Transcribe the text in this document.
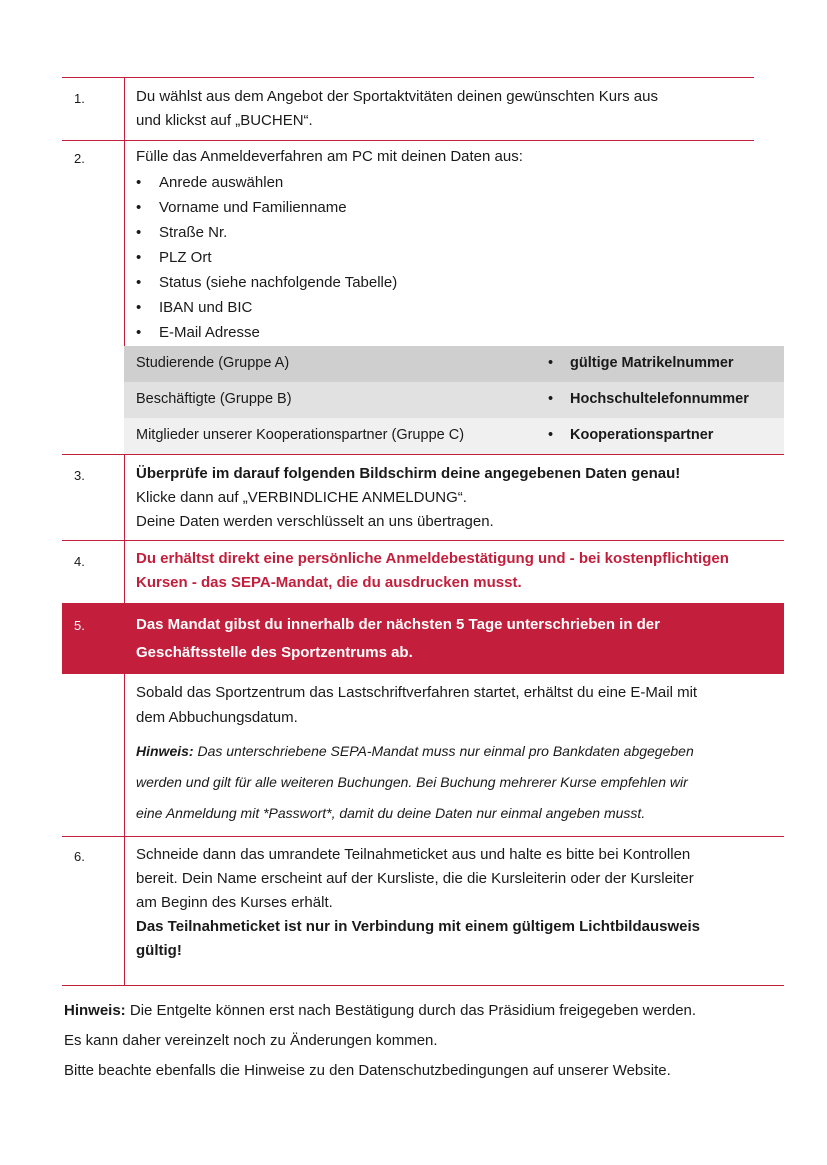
1.	Du wählst aus dem Angebot der Sportaktvitäten deinen gewünschten Kurs aus
und klickst auf „BUCHEN“.
2.	Fülle das Anmeldeverfahren am PC mit deinen Daten aus:
• Anrede auswählen
• Vorname und Familienname
• Straße Nr.
• PLZ Ort
• Status (siehe nachfolgende Tabelle)
• IBAN und BIC
• E-Mail Adresse
Studierende (Gruppe A)	• gültige Matrikelnummer
Beschäftigte (Gruppe B)	• Hochschultelefonnummer
Mitglieder unserer Kooperationspartner (Gruppe C)	• Kooperationspartner
3.	Überprüfe im darauf folgenden Bildschirm deine angegebenen Daten genau!
Klicke dann auf „VERBINDLICHE ANMELDUNG“.
Deine Daten werden verschlüsselt an uns übertragen.
4.	Du erhältst direkt eine persönliche Anmeldebestätigung und - bei kostenpflichtigen
Kursen - das SEPA-Mandat, die du ausdrucken musst.
5.	Das Mandat gibst du innerhalb der nächsten 5 Tage unterschrieben in der
Geschäftsstelle des Sportzentrums ab.
Sobald das Sportzentrum das Lastschriftverfahren startet, erhältst du eine E-Mail mit
dem Abbuchungsdatum.
Hinweis: Das unterschriebene SEPA-Mandat muss nur einmal pro Bankdaten abgegeben
werden und gilt für alle weiteren Buchungen. Bei Buchung mehrerer Kurse empfehlen wir
eine Anmeldung mit *Passwort*, damit du deine Daten nur einmal angeben musst.
6.	Schneide dann das umrandete Teilnahmeticket aus und halte es bitte bei Kontrollen
bereit. Dein Name erscheint auf der Kursliste, die die Kursleiterin oder der Kursleiter
am Beginn des Kurses erhält.
Das Teilnahmeticket ist nur in Verbindung mit einem gültigem Lichtbildausweis
gültig!
Hinweis: Die Entgelte können erst nach Bestätigung durch das Präsidium freigegeben werden.
Es kann daher vereinzelt noch zu Änderungen kommen.
Bitte beachte ebenfalls die Hinweise zu den Datenschutzbedingungen auf unserer Website.
